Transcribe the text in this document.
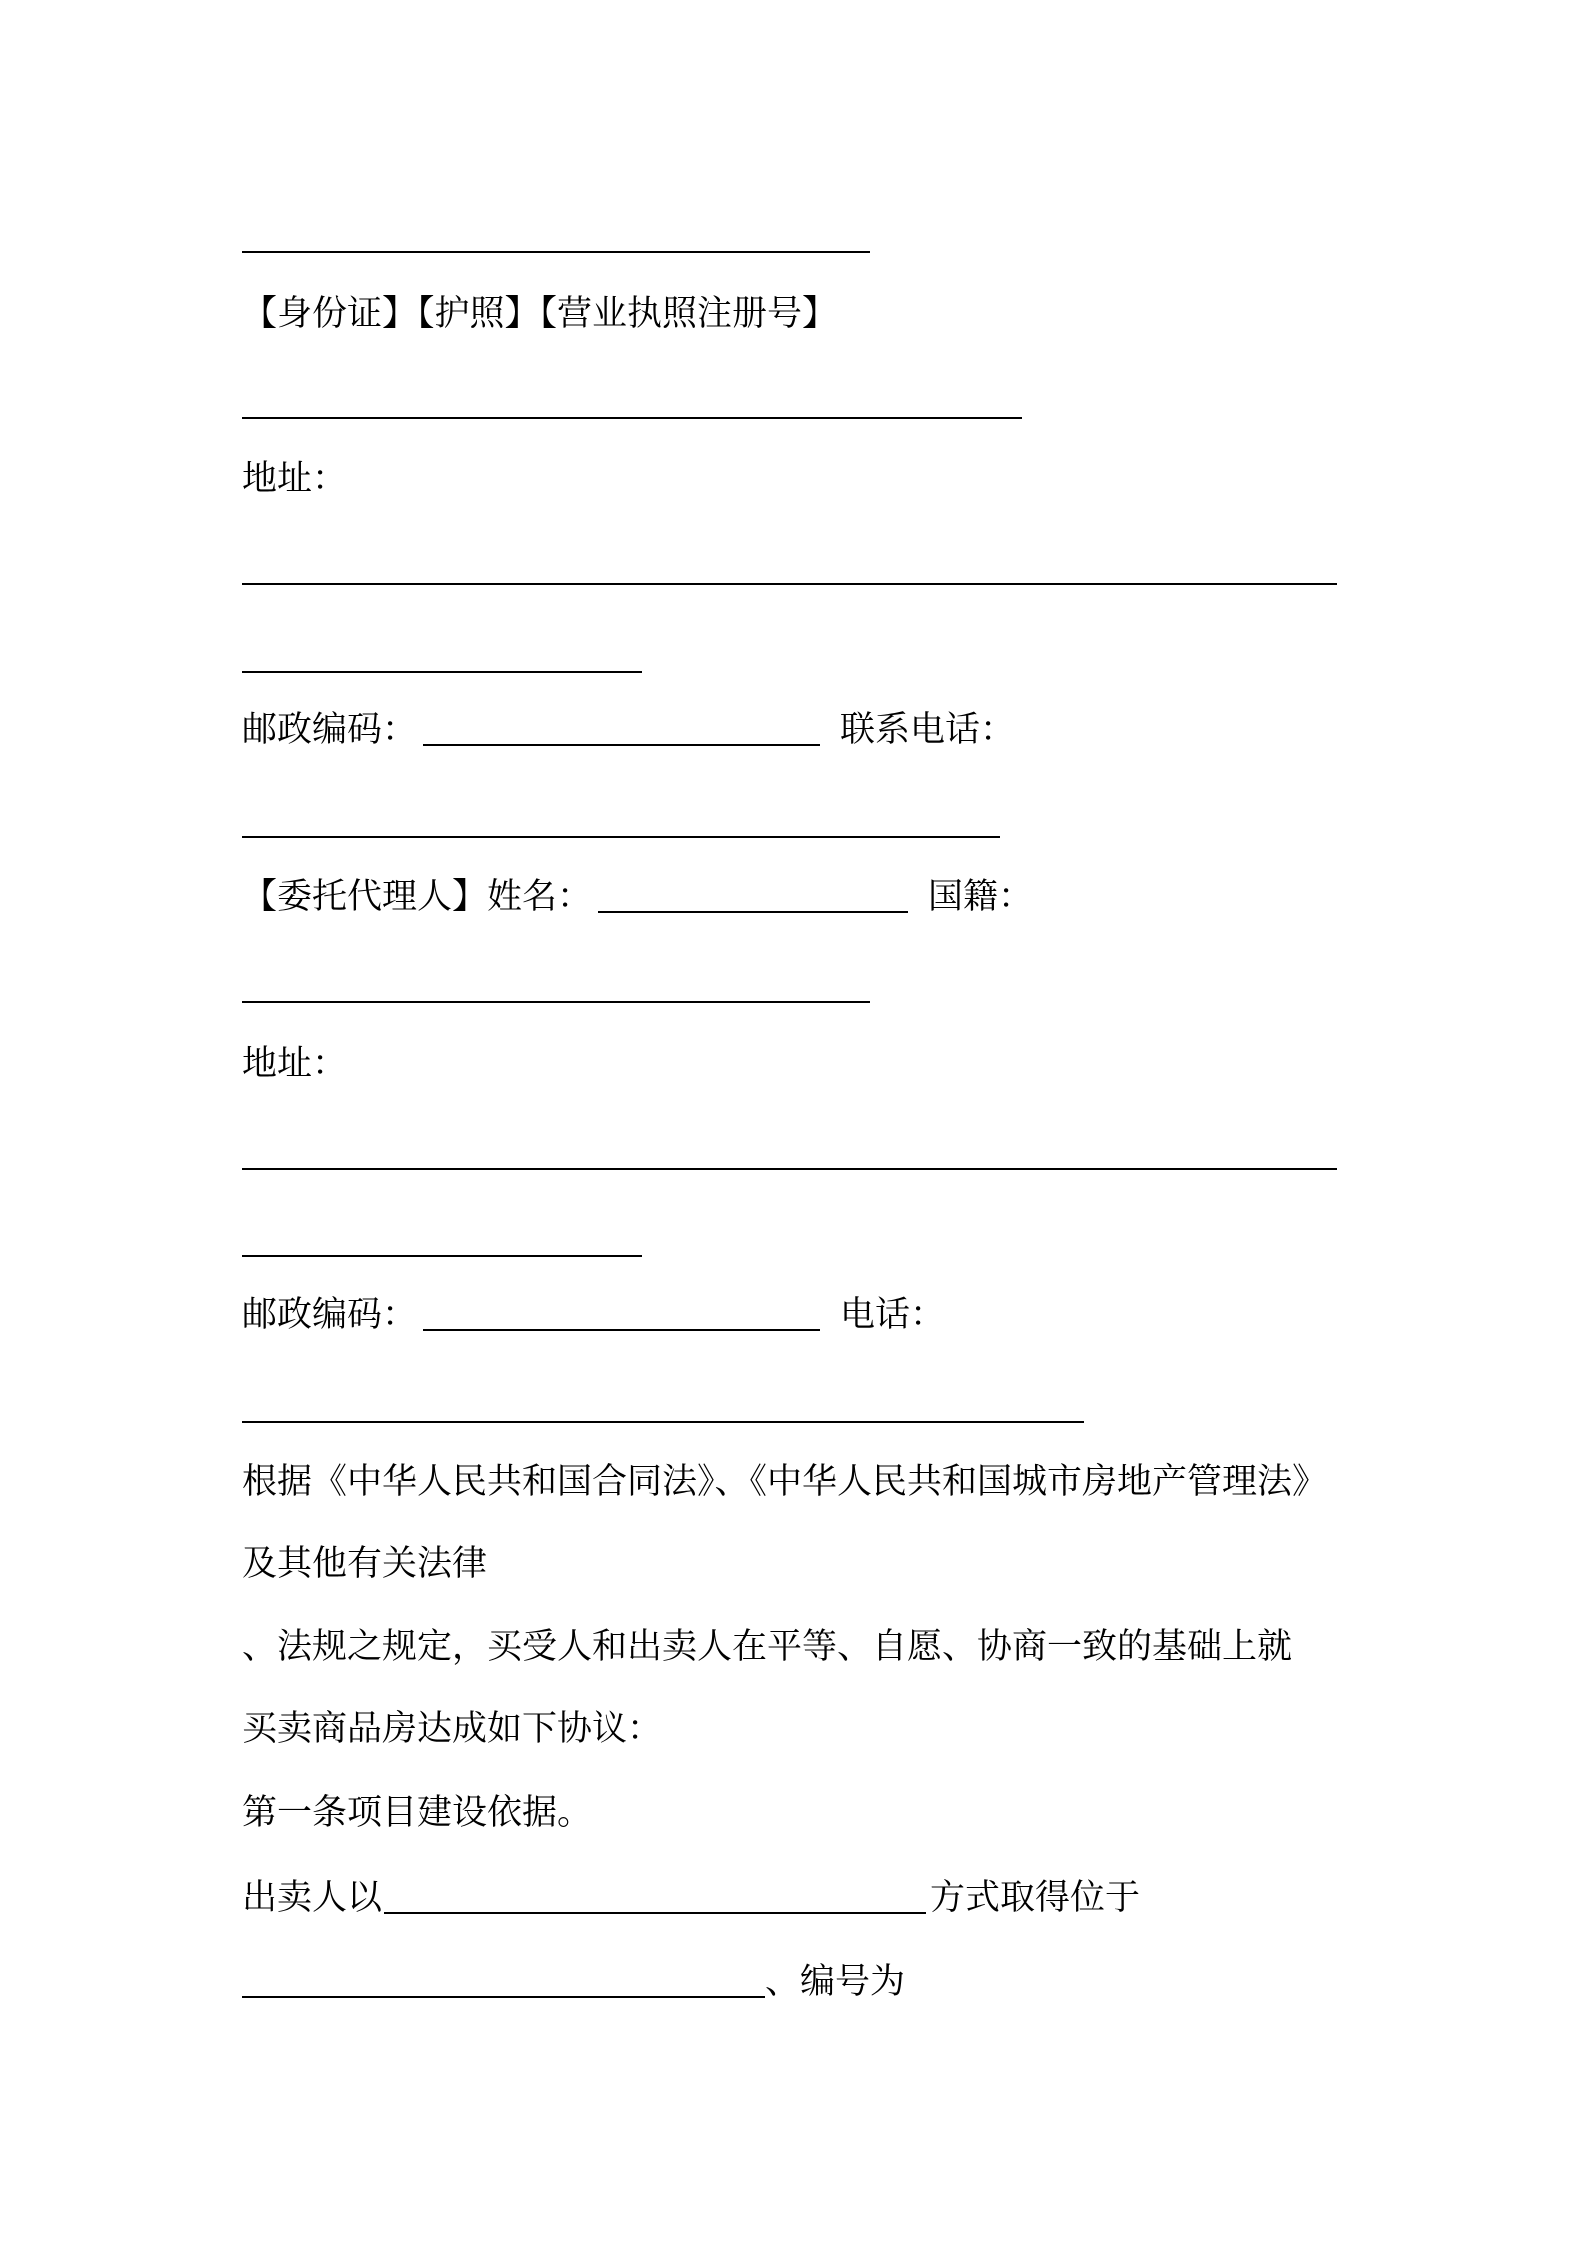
【身份证】【护照】【营业执照注册号】
地址：
邮政编码：	联系电话：
【委托代理人】姓名：	国籍：
地址：
邮政编码：	电话：
根据《中华人民共和国合同法》、《中华人民共和国城市房地产管理法》
及其他有关法律
、法规之规定，买受人和出卖人在平等、自愿、协商一致的基础上就
买卖商品房达成如下协议：
第一条项目建设依据。
出卖人以	方式取得位于
、编号为
